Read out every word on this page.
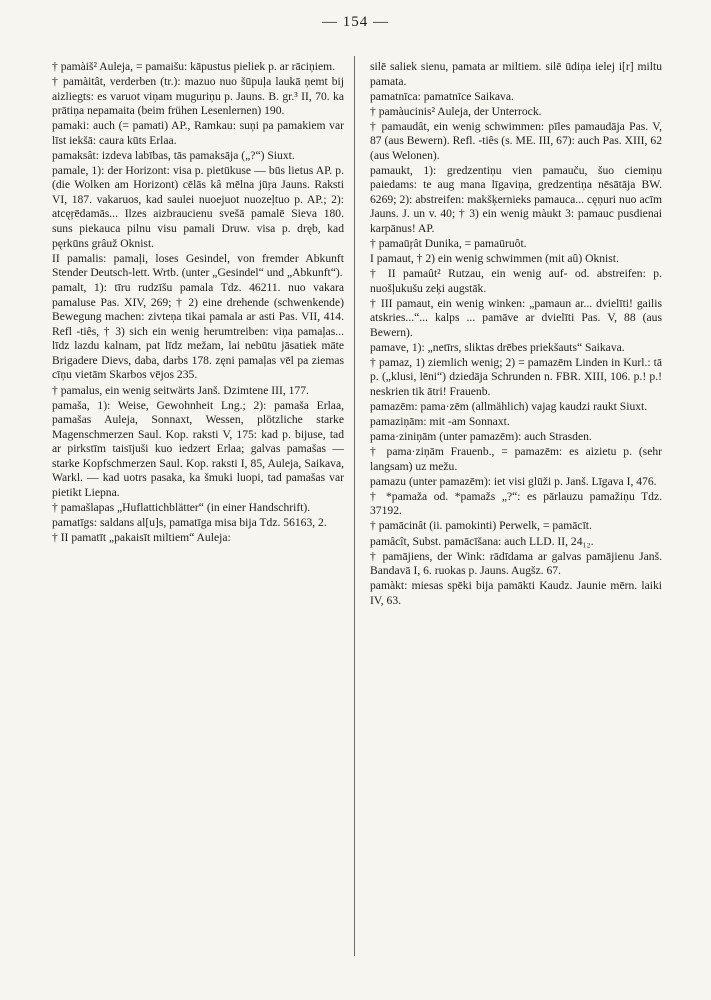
— 154 —

† pamàiš² Auleja, = pamaišu: kāpustus pieliek p. ar rāciņiem.

† pamàitât, verderben (tr.): mazuo nuo šūpuļa laukā ņemt bij aizliegts: es varuot viņam muguriņu p. Jauns. B. gr.³ II, 70. ka prātiņa nepamaita (beim frühen Lesenlernen) 190.

pamaki: auch (= pamati) AP., Ramkau: suņi pa pamakiem var līst iekšā: caura kūts Erlaa.

pamaksât: izdeva labības, tās pamaksāja („?“) Siuxt.

pamale, 1): der Horizont: visa p. pietūkuse — būs lietus AP. p. (die Wolken am Horizont) cēlās kâ mēlna jūŗa Jauns. Raksti VI, 187. vakaruos, kad saulei nuoejuot nuozeļtuo p. AP.; 2): atcęŗēdamās... Ilzes aizbraucienu svešā pamalē Sieva 180. suns piekauca pilnu visu pamali Druw. visa p. dręb, kad pęrkūns grâuž Oknist.

II pamalis: pamaļi, loses Gesindel, von fremder Abkunft Stender Deutsch-lett. Wrtb. (unter „Gesindel“ und „Abkunft“).

pamalt, 1): tīru rudzīšu pamala Tdz. 46211. nuo vakara pamaluse Pas. XIV, 269; † 2) eine drehende (schwenkende) Bewegung machen: zivteņa tikai pamala ar asti Pas. VII, 414. Refl -tiês, † 3) sich ein wenig herumtreiben: viņa pamaļas... līdz lazdu kalnam, pat līdz mežam, lai nebūtu jāsatiek māte Brigadere Dievs, daba, darbs 178. zęni pamaļas vēl pa ziemas cīņu vietām Skarbos vējos 235.

† pamalus, ein wenig seitwärts Janš. Dzimtene III, 177.

pamaša, 1): Weise, Gewohnheit Lng.; 2): pamaša Erlaa, pamašas Auleja, Sonnaxt, Wessen, plötzliche starke Magenschmerzen Saul. Kop. raksti V, 175: kad p. bijuse, tad ar pirkstīm taisījuši kuo iedzert Erlaa; galvas pamašas — starke Kopfschmerzen Saul. Kop. raksti I, 85, Auleja, Saikava, Warkl. — kad uotrs pasaka, ka šmuki luopi, tad pamašas var pietikt Liepna.

† pamašlapas „Huflattichblätter“ (in einer Handschrift).

pamatīgs: saldans al[u]s, pamatīga misa bija Tdz. 56163, 2.

† II pamatīt „pakaisīt miltiem“ Auleja:

silē saliek sienu, pamata ar miltiem. silē ūdiņa ielej i[r] miltu pamata.

pamatnīca: pamatnīce Saikava.

† pamàucinis² Auleja, der Unterrock.

† pamaudât, ein wenig schwimmen: pīles pamaudāja Pas. V, 87 (aus Bewern). Refl. -tiês (s. ME. III, 67): auch Pas. XIII, 62 (aus Welonen).

pamaukt, 1): gredzentiņu vien pamauču, šuo ciemiņu paiedams: te aug mana līgaviņa, gredzentiņa nēsātāja BW. 6269; 2): abstreifen: makšķernieks pamauca... cęņuri nuo acīm Jauns. J. un v. 40; † 3) ein wenig màukt 3: pamauc pusdienai karpānus! AP.

† pamaūŗât Dunika, = pamaūruôt.

I pamaut, † 2) ein wenig schwimmen (mit aû) Oknist.

† II pamaût² Rutzau, ein wenig auf- od. abstreifen: p. nuošļukušu zeķi augstāk.

† III pamaut, ein wenig winken: „pamaun ar... dvielīti! gailis atskries...“... kalps ... pamāve ar dvielīti Pas. V, 88 (aus Bewern).

pamave, 1): „netīrs, sliktas drēbes priekšauts“ Saikava.

† pamaz, 1) ziemlich wenig; 2) = pamazēm Linden in Kurl.: tā p. („klusi, lēni“) dziedāja Schrunden n. FBR. XIII, 106. p.! p.! neskrien tik ātri! Frauenb.

pamazēm: pama·zēm (allmählich) vajag kaudzi raukt Siuxt.

pamaziņām: mit -am Sonnaxt.

pama·ziniņām (unter pamazēm): auch Strasden.

† pama·ziņām Frauenb., = pamazēm: es aizietu p. (sehr langsam) uz mežu.

pamazu (unter pamazēm): iet visi glūži p. Janš. Līgava I, 476.

† *pamaža od. *pamažs „?“: es pārlauzu pamažiņu Tdz. 37192.

† pamācinât (ii. pamokinti) Perwelk, = pamācīt.

pamâcît, Subst. pamācīšana: auch LLD. II, 24₁₂.

† pamājiens, der Wink: rādīdama ar galvas pamājienu Janš. Bandavā I, 6. ruokas p. Jauns. Augšz. 67.

pamàkt: miesas spēki bija pamākti Kaudz. Jaunie mērn. laiki IV, 63.
